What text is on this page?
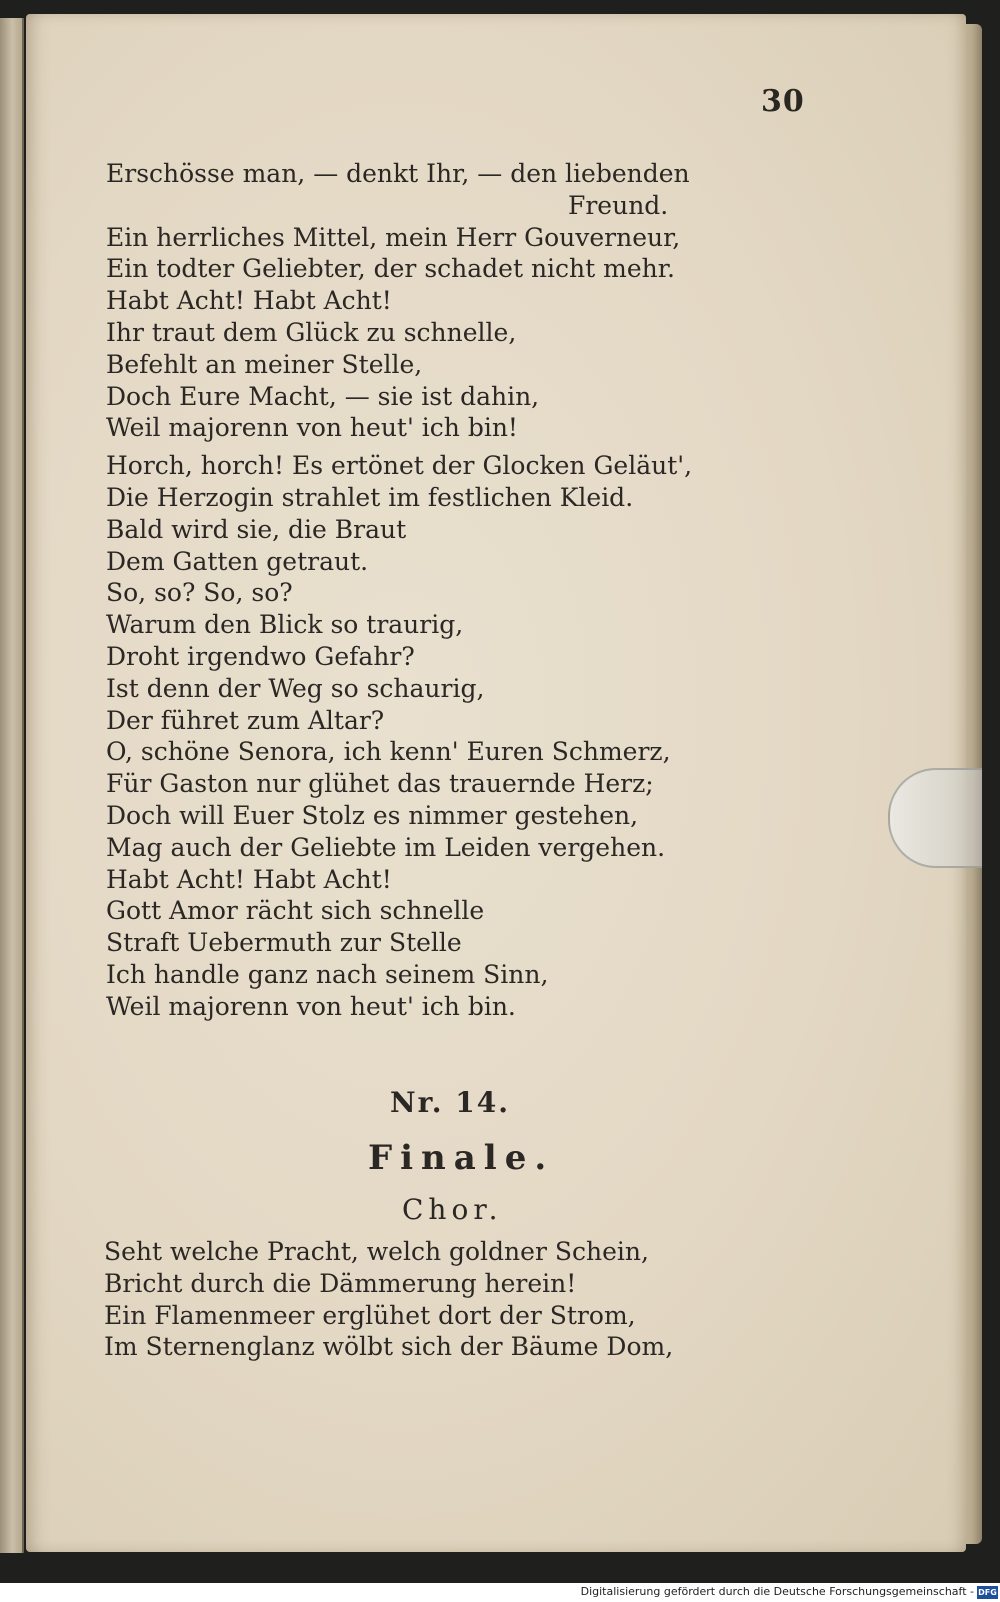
30
Erschösse man, — denkt Ihr, — den liebenden
Freund.
Ein herrliches Mittel, mein Herr Gouverneur,
Ein todter Geliebter, der schadet nicht mehr.
Habt Acht! Habt Acht!
Ihr traut dem Glück zu schnelle,
Befehlt an meiner Stelle,
Doch Eure Macht, — sie ist dahin,
Weil majorenn von heut' ich bin!
Horch, horch! Es ertönet der Glocken Geläut',
Die Herzogin strahlet im festlichen Kleid.
Bald wird sie, die Braut
Dem Gatten getraut.
So, so? So, so?
Warum den Blick so traurig,
Droht irgendwo Gefahr?
Ist denn der Weg so schaurig,
Der führet zum Altar?
O, schöne Senora, ich kenn' Euren Schmerz,
Für Gaston nur glühet das trauernde Herz;
Doch will Euer Stolz es nimmer gestehen,
Mag auch der Geliebte im Leiden vergehen.
Habt Acht! Habt Acht!
Gott Amor rächt sich schnelle
Straft Uebermuth zur Stelle
Ich handle ganz nach seinem Sinn,
Weil majorenn von heut' ich bin.
Nr. 14.
Finale.
Chor.
Seht welche Pracht, welch goldner Schein,
Bricht durch die Dämmerung herein!
Ein Flamenmeer erglühet dort der Strom,
Im Sternenglanz wölbt sich der Bäume Dom,
Digitalisierung gefördert durch die Deutsche Forschungsgemeinschaft - DFG
